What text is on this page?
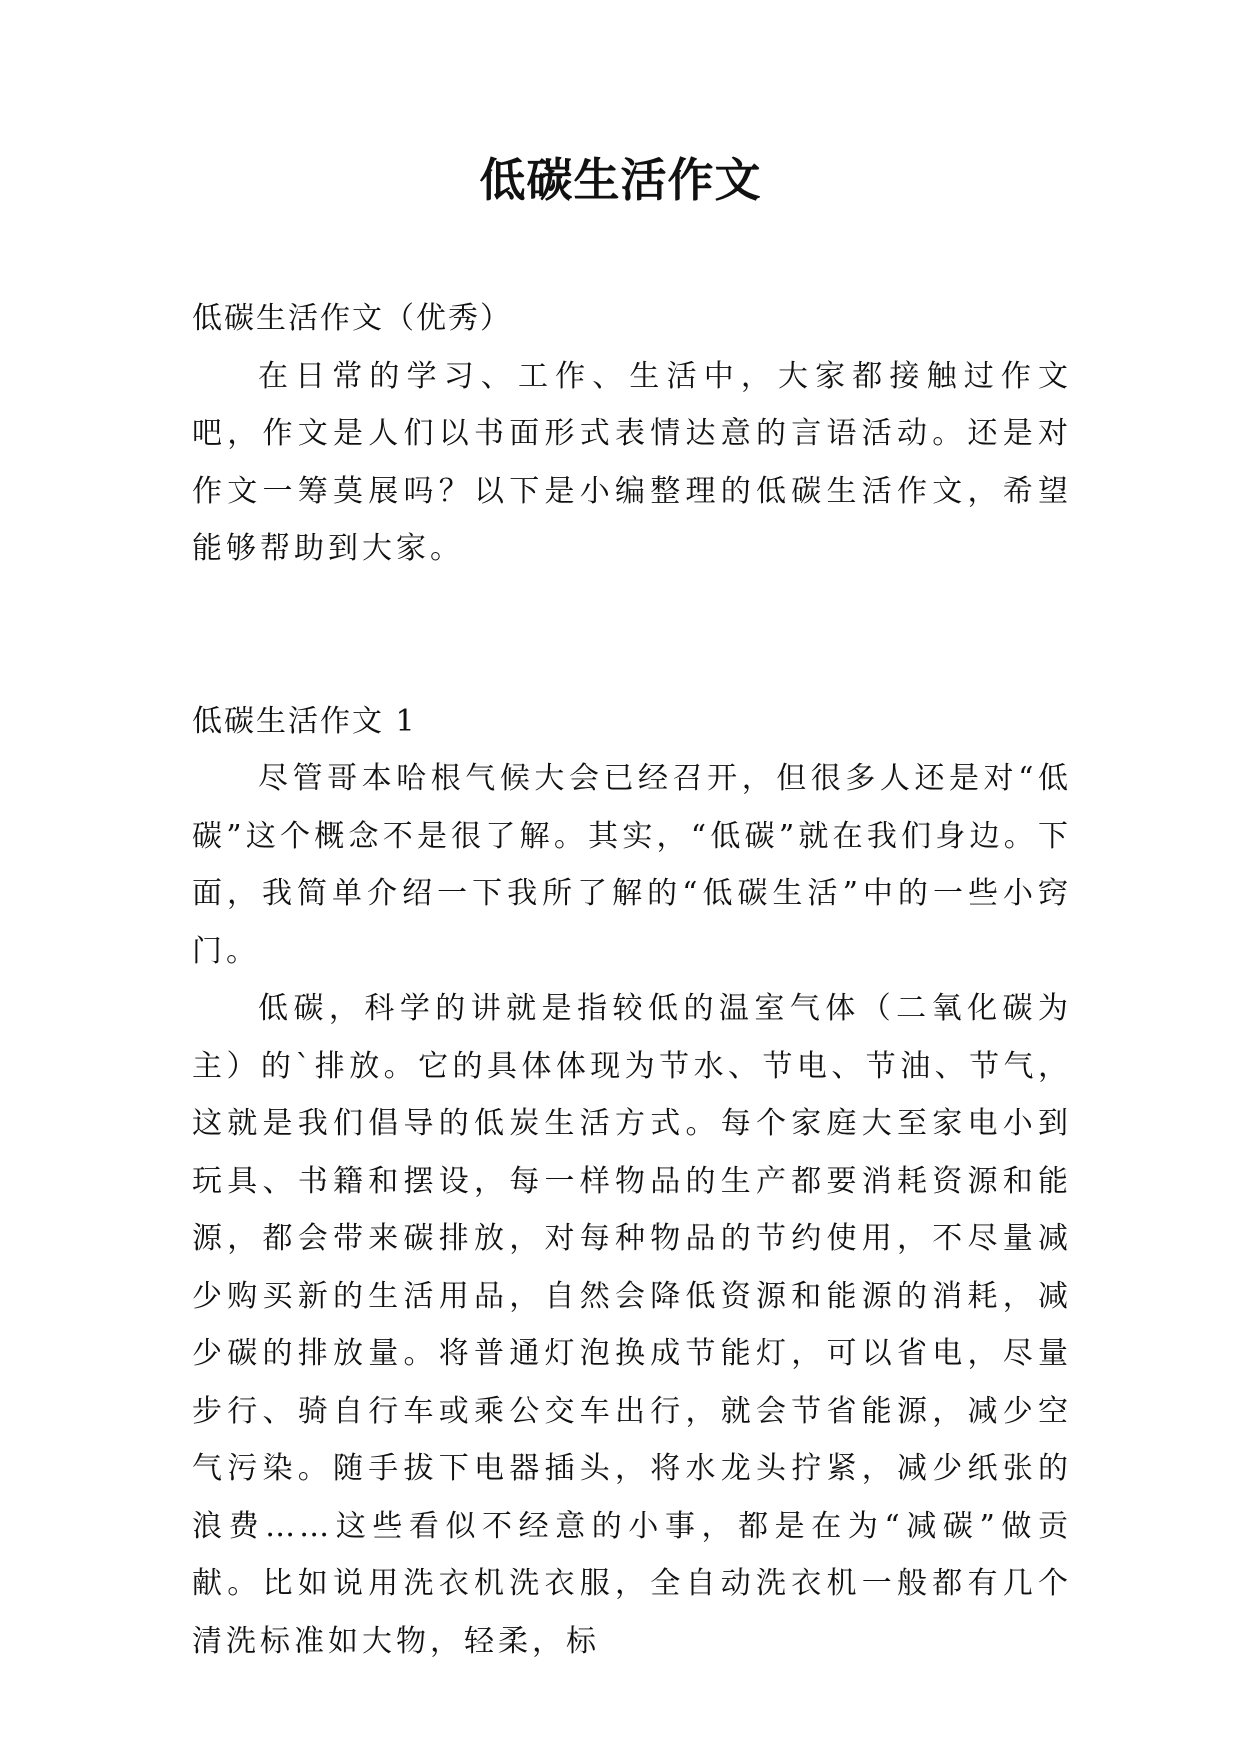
低碳生活作文

低碳生活作文（优秀）

在日常的学习、工作、生活中，大家都接触过作文吧，作文是人们以书面形式表情达意的言语活动。还是对作文一筹莫展吗？以下是小编整理的低碳生活作文，希望能够帮助到大家。

低碳生活作文 1

尽管哥本哈根气候大会已经召开，但很多人还是对“低碳”这个概念不是很了解。其实，“低碳”就在我们身边。下面，我简单介绍一下我所了解的“低碳生活”中的一些小窍门。

低碳，科学的讲就是指较低的温室气体（二氧化碳为主）的`排放。它的具体体现为节水、节电、节油、节气，这就是我们倡导的低炭生活方式。每个家庭大至家电小到玩具、书籍和摆设，每一样物品的生产都要消耗资源和能源，都会带来碳排放，对每种物品的节约使用，不尽量减少购买新的生活用品，自然会降低资源和能源的消耗，减少碳的排放量。将普通灯泡换成节能灯，可以省电，尽量步行、骑自行车或乘公交车出行，就会节省能源，减少空气污染。随手拔下电器插头，将水龙头拧紧，减少纸张的浪费……这些看似不经意的小事，都是在为“减碳”做贡献。比如说用洗衣机洗衣服，全自动洗衣机一般都有几个清洗标准如大物，轻柔，标
